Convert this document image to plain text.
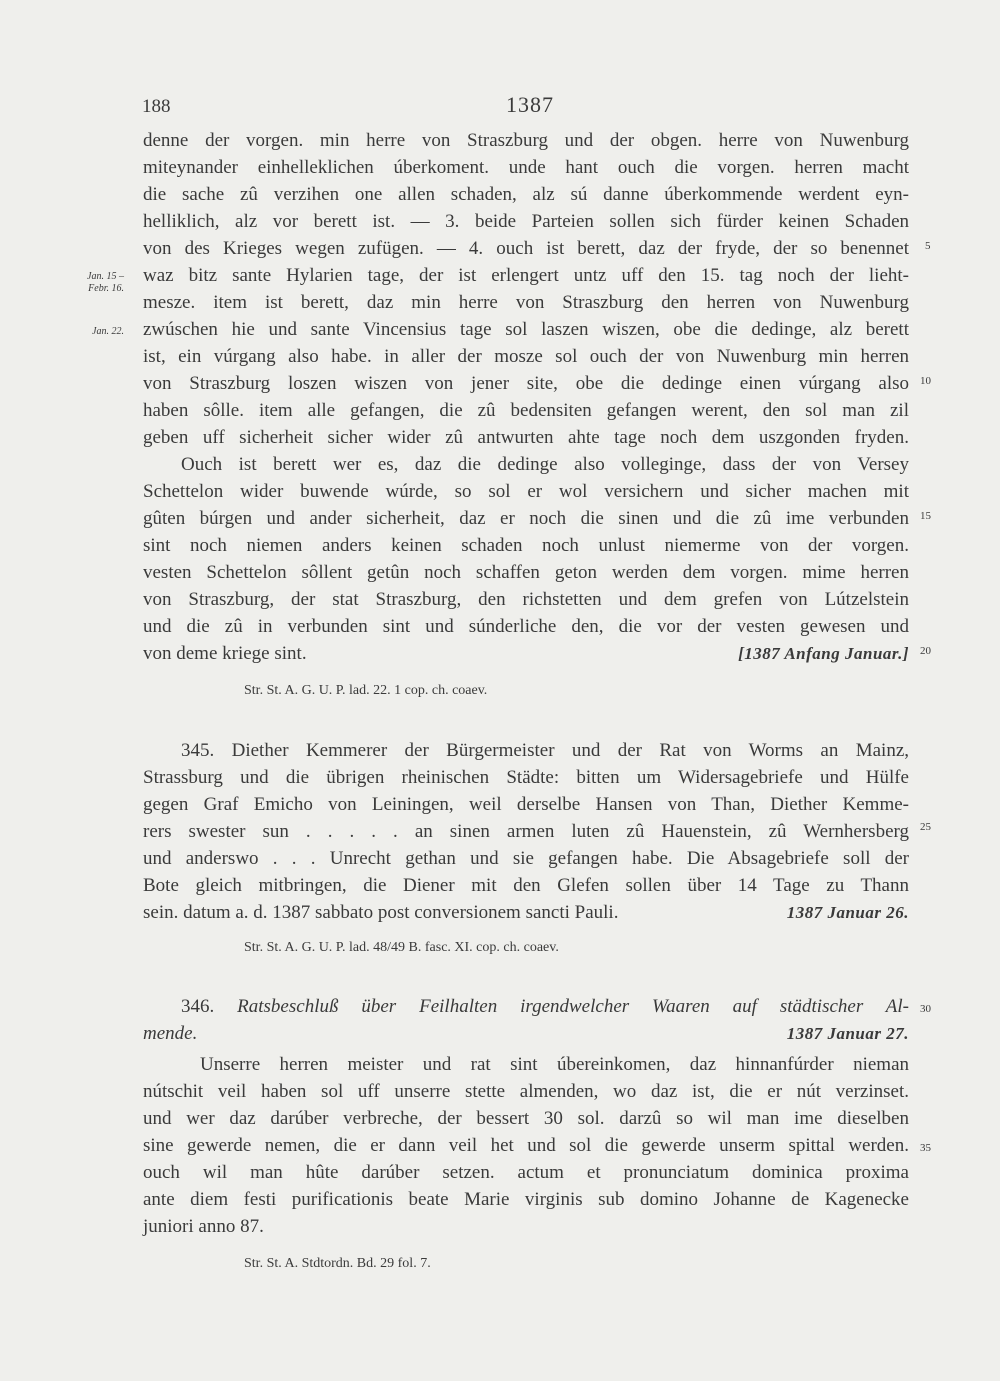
188	1387
denne der vorgen. min herre von Straszburg und der obgen. herre von Nuwenburg
miteynander einhelleklichen úberkoment. unde hant ouch die vorgen. herren macht
die sache zû verzihen one allen schaden, alz sú danne úberkommende werdent eyn-
helliklich, alz vor berett ist. — 3. beide Parteien sollen sich fürder keinen Schaden
von des Krieges wegen zufügen. — 4. ouch ist berett, daz der fryde, der so benennet
waz bitz sante Hylarien tage, der ist erlengert untz uff den 15. tag noch der lieht-
mesze. item ist berett, daz min herre von Straszburg den herren von Nuwenburg
zwúschen hie und sante Vincensius tage sol laszen wiszen, obe die dedinge, alz berett
ist, ein vúrgang also habe. in aller der mosze sol ouch der von Nuwenburg min herren
von Straszburg loszen wiszen von jener site, obe die dedinge einen vúrgang also
haben sôlle. item alle gefangen, die zû bedensiten gefangen werent, den sol man zil
geben uff sicherheit sicher wider zû antwurten ahte tage noch dem uszgonden fryden.
Ouch ist berett wer es, daz die dedinge also volleginge, dass der von Versey
Schettelon wider buwende wúrde, so sol er wol versichern und sicher machen mit
gûten búrgen und ander sicherheit, daz er noch die sinen und die zû ime verbunden
sint noch niemen anders keinen schaden noch unlust niemerme von der vorgen.
vesten Schettelon sôllent getûn noch schaffen geton werden dem vorgen. mime herren
von Straszburg, der stat Straszburg, den richstetten und dem grefen von Lútzelstein
und die zû in verbunden sint und súnderliche den, die vor der vesten gewesen und
von deme kriege sint.	[1387 Anfang Januar.]
Str. St. A. G. U. P. lad. 22. 1 cop. ch. coaev.
Jan. 15 –
Febr. 16.
Jan. 22.
5
10
15
20
25
30
35
345. Diether Kemmerer der Bürgermeister und der Rat von Worms an Mainz,
Strassburg und die übrigen rheinischen Städte: bitten um Widersagebriefe und Hülfe
gegen Graf Emicho von Leiningen, weil derselbe Hansen von Than, Diether Kemme-
rers swester sun . . . . . an sinen armen luten zû Hauenstein, zû Wernhersberg
und anderswo . . . Unrecht gethan und sie gefangen habe. Die Absagebriefe soll der
Bote gleich mitbringen, die Diener mit den Glefen sollen über 14 Tage zu Thann
sein. datum a. d. 1387 sabbato post conversionem sancti Pauli.	1387 Januar 26.
Str. St. A. G. U. P. lad. 48/49 B. fasc. XI. cop. ch. coaev.
346. Ratsbeschluß über Feilhalten irgendwelcher Waaren auf städtischer Al-
mende.	1387 Januar 27.
Unserre herren meister und rat sint úbereinkomen, daz hinnanfúrder nieman
nútschit veil haben sol uff unserre stette almenden, wo daz ist, die er nút verzinset.
und wer daz darúber verbreche, der bessert 30 sol. darzû so wil man ime dieselben
sine gewerde nemen, die er dann veil het und sol die gewerde unserm spittal werden.
ouch wil man hûte darúber setzen. actum et pronunciatum dominica proxima
ante diem festi purificationis beate Marie virginis sub domino Johanne de Kagenecke
juniori anno 87.
Str. St. A. Stdtordn. Bd. 29 fol. 7.
